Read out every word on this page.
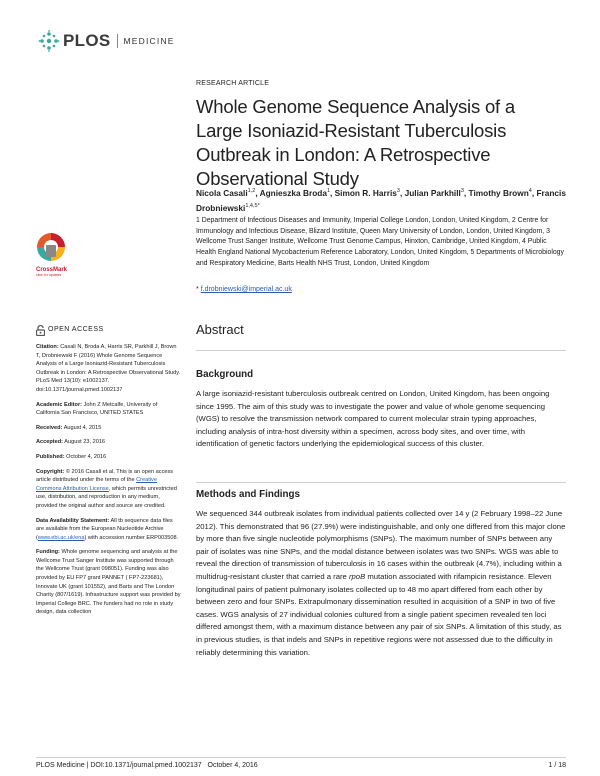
PLOS MEDICINE
RESEARCH ARTICLE
Whole Genome Sequence Analysis of a Large Isoniazid-Resistant Tuberculosis Outbreak in London: A Retrospective Observational Study
Nicola Casali$^{1,2}$, Agnieszka Broda$^1$, Simon R. Harris$^3$, Julian Parkhill$^3$, Timothy Brown$^4$, Francis Drobniewski$^{1,4,5*}$
1 Department of Infectious Diseases and Immunity, Imperial College London, London, United Kingdom, 2 Centre for Immunology and Infectious Disease, Blizard Institute, Queen Mary University of London, London, United Kingdom, 3 Wellcome Trust Sanger Institute, Wellcome Trust Genome Campus, Hinxton, Cambridge, United Kingdom, 4 Public Health England National Mycobacterium Reference Laboratory, London, United Kingdom, 5 Departments of Microbiology and Respiratory Medicine, Barts Health NHS Trust, London, United Kingdom
* f.drobniewski@imperial.ac.uk
CrossMark
click for updates
OPEN ACCESS
Citation: Casali N, Broda A, Harris SR, Parkhill J, Brown T, Drobniewski F (2016) Whole Genome Sequence Analysis of a Large Isoniazid-Resistant Tuberculosis Outbreak in London: A Retrospective Observational Study. PLoS Med 13(10): e1002137. doi:10.1371/journal.pmed.1002137
Academic Editor: John Z Metcalfe, University of California San Francisco, UNITED STATES
Received: August 4, 2015
Accepted: August 23, 2016
Published: October 4, 2016
Copyright: © 2016 Casali et al. This is an open access article distributed under the terms of the Creative Commons Attribution License, which permits unrestricted use, distribution, and reproduction in any medium, provided the original author and source are credited.
Data Availability Statement: All tb sequence data files are available from the European Nucleotide Archive (www.ebi.ac.uk/ena) with accession number ERP003508.
Funding: Whole genome sequencing and analysis at the Wellcome Trust Sanger Institute was supported through the Wellcome Trust (grant 098051). Funding was also provided by EU FP7 grant PANNET ( FP7-223681), Innovate UK (grant 101552), and Barts and The London Charity (807/1619). Infrastructure support was provided by Imperial College BRC. The funders had no role in study design, data collection
Abstract
Background
A large isoniazid-resistant tuberculosis outbreak centred on London, United Kingdom, has been ongoing since 1995. The aim of this study was to investigate the power and value of whole genome sequencing (WGS) to resolve the transmission network compared to current molecular strain typing approaches, including analysis of intra-host diversity within a specimen, across body sites, and over time, with identification of genetic factors underlying the epidemiological success of this cluster.
Methods and Findings
We sequenced 344 outbreak isolates from individual patients collected over 14 y (2 February 1998–22 June 2012). This demonstrated that 96 (27.9%) were indistinguishable, and only one differed from this major clone by more than five single nucleotide polymorphisms (SNPs). The maximum number of SNPs between any pair of isolates was nine SNPs, and the modal distance between isolates was two SNPs. WGS was able to reveal the direction of transmission of tuberculosis in 16 cases within the outbreak (4.7%), including within a multidrug-resistant cluster that carried a rare rpoB mutation associated with rifampicin resistance. Eleven longitudinal pairs of patient pulmonary isolates collected up to 48 mo apart differed from each other by between zero and four SNPs. Extrapulmonary dissemination resulted in acquisition of a SNP in two of five cases. WGS analysis of 27 individual colonies cultured from a single patient specimen revealed ten loci differed amongst them, with a maximum distance between any pair of six SNPs. A limitation of this study, as in previous studies, is that indels and SNPs in repetitive regions were not assessed due to the difficulty in reliably determining this variation.
PLOS Medicine | DOI:10.1371/journal.pmed.1002137 October 4, 2016	1 / 18
